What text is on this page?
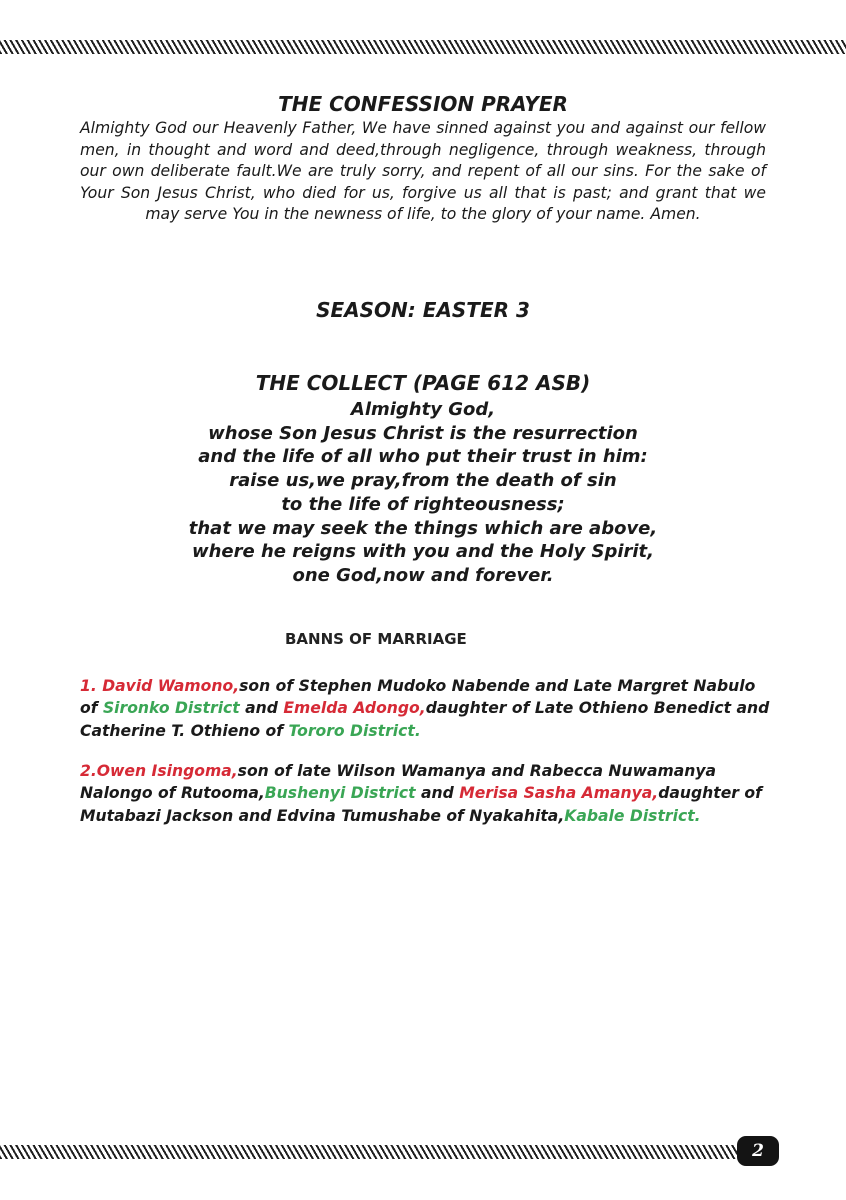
THE CONFESSION PRAYER
Almighty God our Heavenly Father, We have sinned against you and against our fellow men, in thought and word and deed,through negligence, through weakness, through our own deliberate fault.We are truly sorry, and repent of all our sins. For the sake of Your Son Jesus Christ, who died for us, forgive us all that is past; and grant that we may serve You in the newness of life, to the glory of your name. Amen.
SEASON: EASTER 3
THE COLLECT (PAGE 612 ASB)
Almighty God,
whose Son Jesus Christ is the resurrection
and the life of all who put their trust in him:
raise us,we pray,from the death of sin
to the life of righteousness;
that we may seek the things which are above,
where he reigns with you and the Holy Spirit,
one God,now and forever.
BANNS OF MARRIAGE
1. David Wamono,son of Stephen Mudoko Nabende and Late Margret Nabulo of Sironko District and Emelda Adongo,daughter of Late Othieno Benedict and Catherine T. Othieno of Tororo District.
2.Owen Isingoma,son of late Wilson Wamanya and Rabecca Nuwamanya Nalongo of Rutooma,Bushenyi District and Merisa Sasha Amanya,daughter of Mutabazi Jackson and Edvina Tumushabe of Nyakahita,Kabale District.
2
